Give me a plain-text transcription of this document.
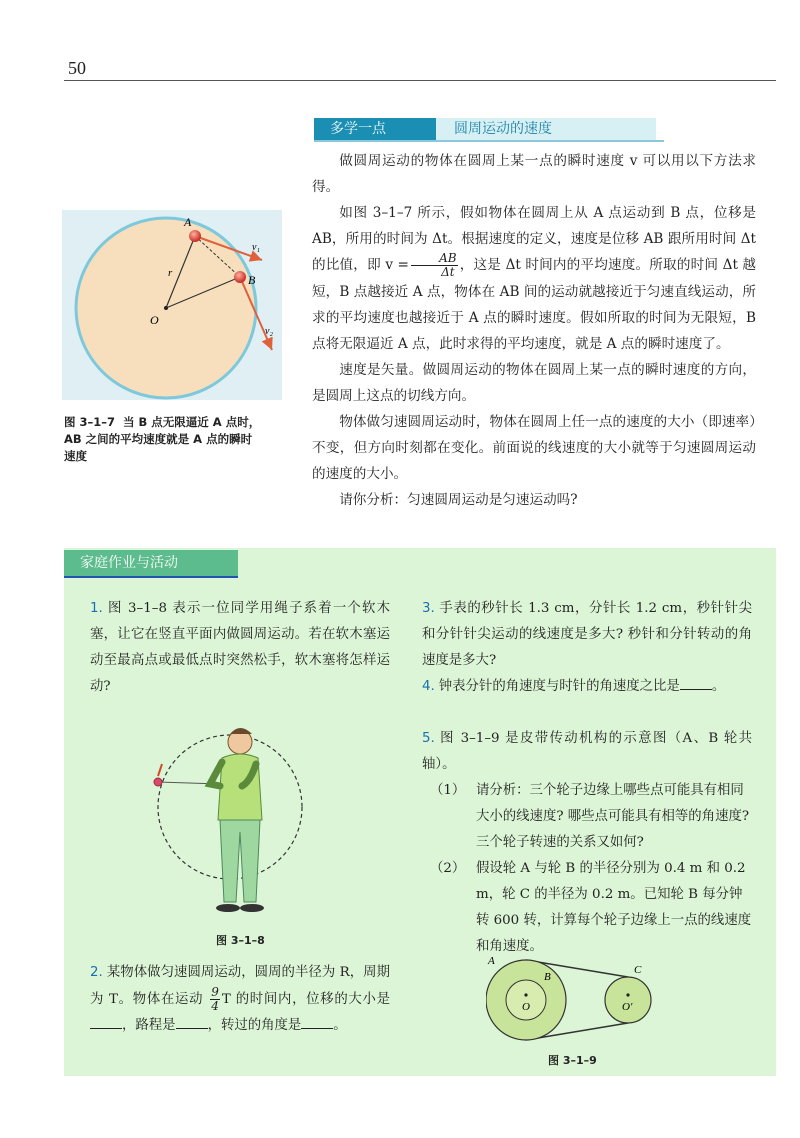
50
A
B
O
r
v₁
v₂
图 3–1–7 当 B 点无限逼近 A 点时，
AB 之间的平均速度就是 A 点的瞬时
速度
多学一点	圆周运动的速度

做圆周运动的物体在圆周上某一点的瞬时速度 v 可以用以下方法求得。

如图 3–1–7 所示，假如物体在圆周上从 A 点运动到 B 点，位移是 AB，所用的时间为 Δt。根据速度的定义，速度是位移 AB 跟所用时间 Δt 的比值，即 $v = \frac{AB}{\Delta t}$ ，这是 Δt 时间内的平均速度。所取的时间 Δt 越短，B 点越接近 A 点，物体在 AB 间的运动就越接近于匀速直线运动，所求的平均速度也越接近于 A 点的瞬时速度。假如所取的时间为无限短，B 点将无限逼近 A 点，此时求得的平均速度，就是 A 点的瞬时速度了。

速度是矢量。做圆周运动的物体在圆周上某一点的瞬时速度的方向，是圆周上这点的切线方向。

物体做匀速圆周运动时，物体在圆周上任一点的速度的大小（即速率）不变，但方向时刻都在变化。前面说的线速度的大小就等于匀速圆周运动的速度的大小。

请你分析：匀速圆周运动是匀速运动吗?

家庭作业与活动
1. 图 3–1–8 表示一位同学用绳子系着一个软木塞，让它在竖直平面内做圆周运动。若在软木塞运动至最高点或最低点时突然松手，软木塞将怎样运动?
图 3–1–8
2. 某物体做匀速圆周运动，圆周的半径为 R，周期为 T。物体在运动 $\frac{9}{4}$ T 的时间内，位移的大小是，路程是 ，转过的角度是 。
3. 手表的秒针长 1.3 cm，分针长 1.2 cm，秒针针尖和分针针尖运动的线速度是多大? 秒针和分针转动的角速度是多大?
4. 钟表分针的角速度与时针的角速度之比是 。
5. 图 3–1–9 是皮带传动机构的示意图（A、B 轮共轴）。
（1） 请分析：三个轮子边缘上哪些点可能具有相同大小的线速度? 哪些点可能具有相等的角速度? 三个轮子转速的关系又如何?
（2） 假设轮 A 与轮 B 的半径分别为 0.4 m 和 0.2 m，轮 C 的半径为 0.2 m。已知轮 B 每分钟转 600 转，计算每个轮子边缘上一点的线速度和角速度。
A
B
C
O	O′
图 3–1–9
